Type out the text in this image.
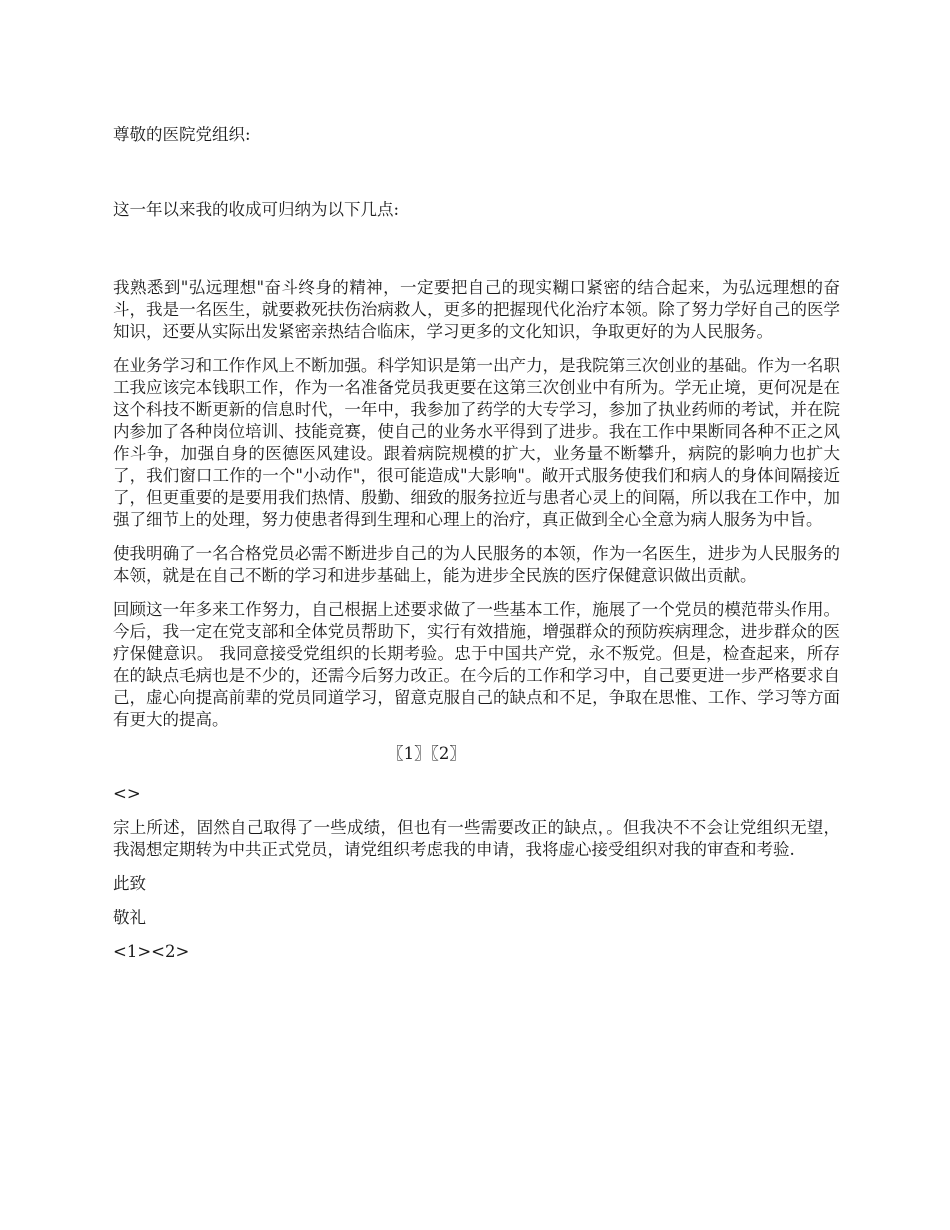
尊敬的医院党组织:

这一年以来我的收成可归纳为以下几点:

我熟悉到"弘远理想"奋斗终身的精神，一定要把自己的现实糊口紧密的结合起来，为弘远理想的奋斗，我是一名医生，就要救死扶伤治病救人，更多的把握现代化治疗本领。除了努力学好自己的医学知识，还要从实际出发紧密亲热结合临床，学习更多的文化知识，争取更好的为人民服务。

在业务学习和工作作风上不断加强。科学知识是第一出产力，是我院第三次创业的基础。作为一名职工我应该完本钱职工作，作为一名准备党员我更要在这第三次创业中有所为。学无止境，更何况是在这个科技不断更新的信息时代，一年中，我参加了药学的大专学习，参加了执业药师的考试，并在院内参加了各种岗位培训、技能竞赛，使自己的业务水平得到了进步。我在工作中果断同各种不正之风作斗争，加强自身的医德医风建设。跟着病院规模的扩大，业务量不断攀升，病院的影响力也扩大了，我们窗口工作的一个"小动作"，很可能造成"大影响"。敞开式服务使我们和病人的身体间隔接近了，但更重要的是要用我们热情、殷勤、细致的服务拉近与患者心灵上的间隔，所以我在工作中，加强了细节上的处理，努力使患者得到生理和心理上的治疗，真正做到全心全意为病人服务为中旨。

使我明确了一名合格党员必需不断进步自己的为人民服务的本领，作为一名医生，进步为人民服务的本领，就是在自己不断的学习和进步基础上，能为进步全民族的医疗保健意识做出贡献。

回顾这一年多来工作努力，自己根据上述要求做了一些基本工作，施展了一个党员的模范带头作用。今后，我一定在党支部和全体党员帮助下，实行有效措施，增强群众的预防疾病理念，进步群众的医疗保健意识。 我同意接受党组织的长期考验。忠于中国共产党，永不叛党。但是，检查起来，所存在的缺点毛病也是不少的，还需今后努力改正。在今后的工作和学习中，自己要更进一步严格要求自己，虚心向提高前辈的党员同道学习，留意克服自己的缺点和不足，争取在思惟、工作、学习等方面有更大的提高。

〖1〗〖2〗

<>

宗上所述，固然自己取得了一些成绩，但也有一些需要改正的缺点，。但我决不不会让党组织无望，我渴想定期转为中共正式党员，请党组织考虑我的申请，我将虚心接受组织对我的审查和考验.

此致

敬礼

<1><2>
